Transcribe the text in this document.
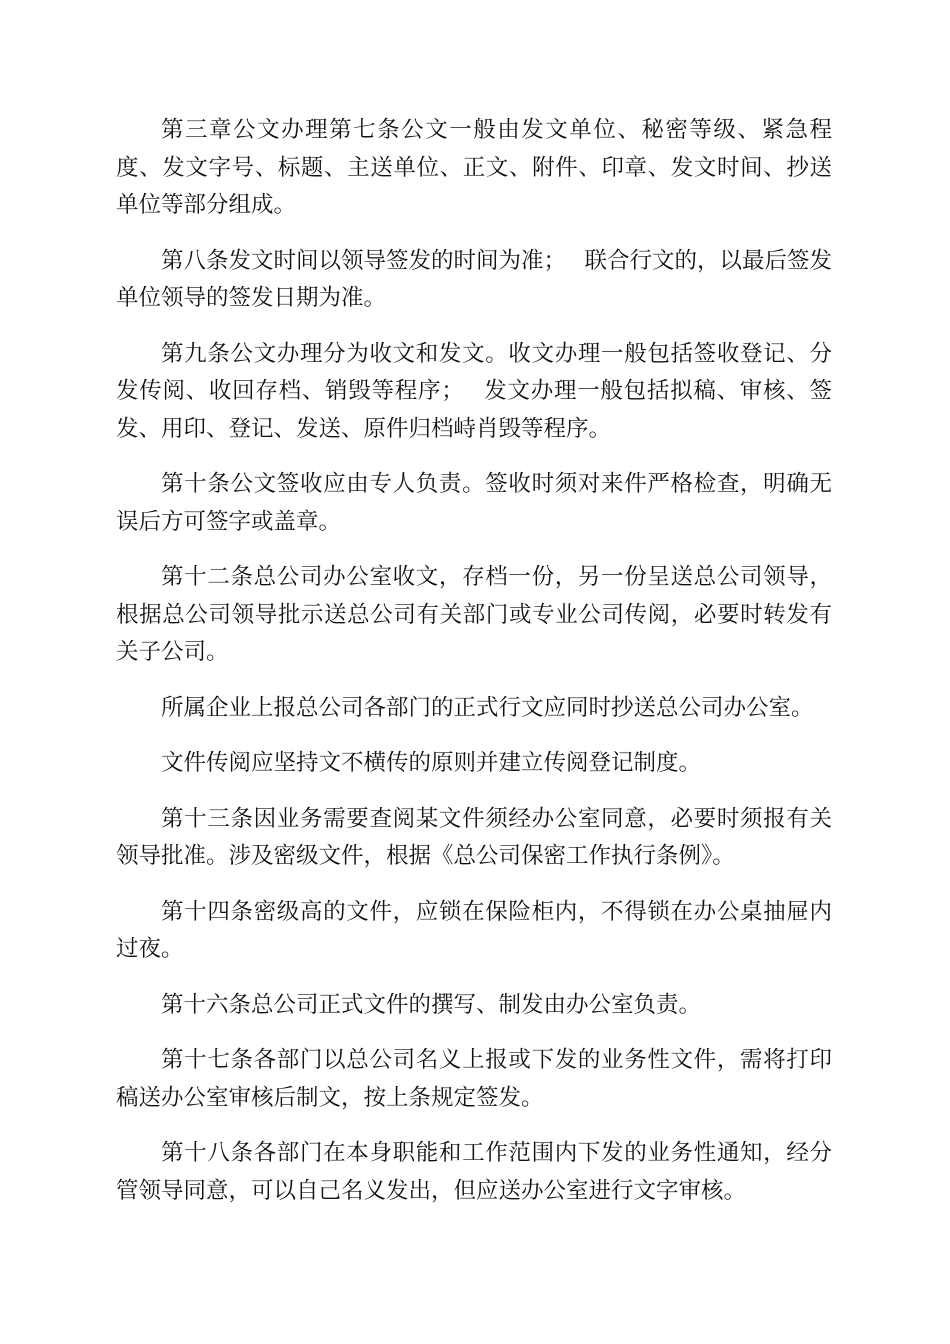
第三章公文办理第七条公文一般由发文单位、秘密等级、紧急程度、发文字号、标题、主送单位、正文、附件、印章、发文时间、抄送单位等部分组成。

第八条发文时间以领导签发的时间为准；　 联合行文的，以最后签发单位领导的签发日期为准。

第九条公文办理分为收文和发文。收文办理一般包括签收登记、分发传阅、收回存档、销毁等程序；　 发文办理一般包括拟稿、审核、签发、用印、登记、发送、原件归档峙肖毁等程序。

第十条公文签收应由专人负责。签收时须对来件严格检查，明确无误后方可签字或盖章。

第十二条总公司办公室收文，存档一份，另一份呈送总公司领导，根据总公司领导批示送总公司有关部门或专业公司传阅，必要时转发有关子公司。

所属企业上报总公司各部门的正式行文应同时抄送总公司办公室。

文件传阅应坚持文不横传的原则并建立传阅登记制度。

第十三条因业务需要查阅某文件须经办公室同意，必要时须报有关领导批准。涉及密级文件，根据《总公司保密工作执行条例》。

第十四条密级高的文件，应锁在保险柜内，不得锁在办公桌抽屉内过夜。

第十六条总公司正式文件的撰写、制发由办公室负责。

第十七条各部门以总公司名义上报或下发的业务性文件，需将打印稿送办公室审核后制文，按上条规定签发。

第十八条各部门在本身职能和工作范围内下发的业务性通知，经分管领导同意，可以自己名义发出，但应送办公室进行文字审核。
